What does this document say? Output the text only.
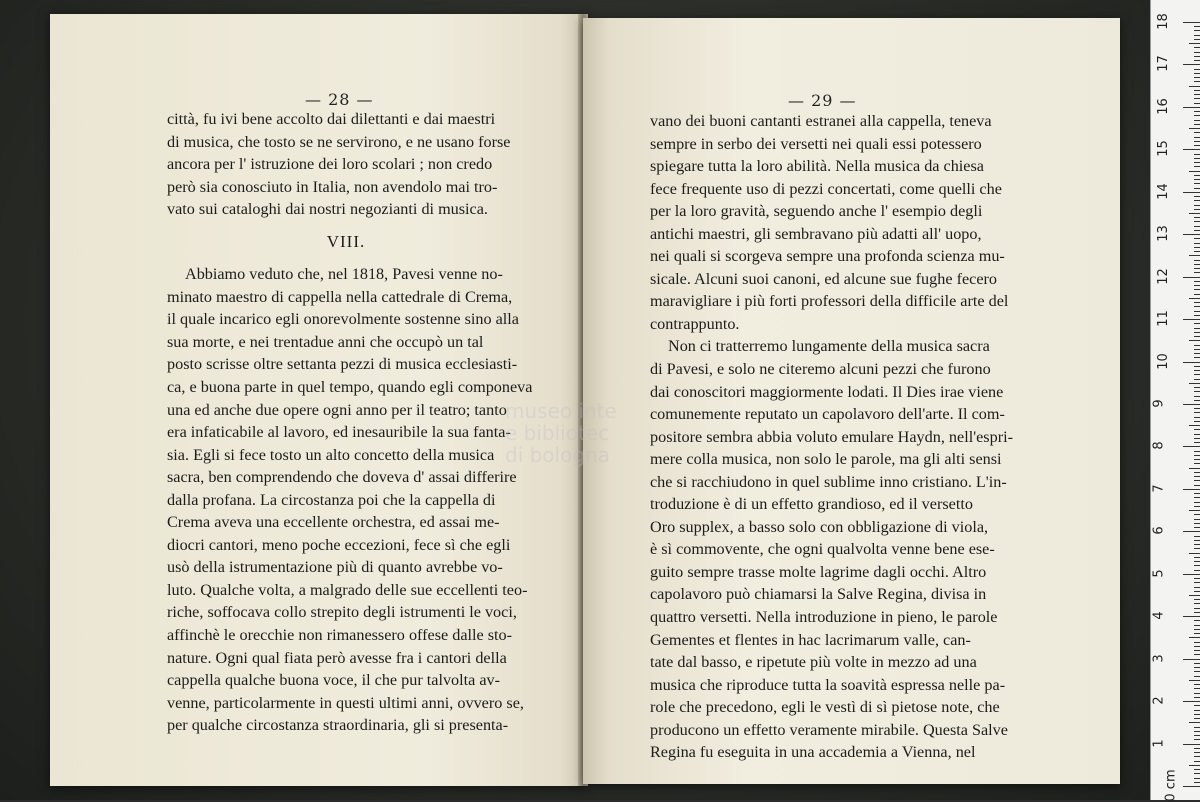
— 28 —
città, fu ivi bene accolto dai dilettanti e dai maestri
di musica, che tosto se ne servirono, e ne usano forse
ancora per l' istruzione dei loro scolari ; non credo
però sia conosciuto in Italia, non avendolo mai tro-
vato sui cataloghi dai nostri negozianti di musica.
VIII.
Abbiamo veduto che, nel 1818, Pavesi venne no-
minato maestro di cappella nella cattedrale di Crema,
il quale incarico egli onorevolmente sostenne sino alla
sua morte, e nei trentadue anni che occupò un tal
posto scrisse oltre settanta pezzi di musica ecclesiasti-
ca, e buona parte in quel tempo, quando egli componeva
una ed anche due opere ogni anno per il teatro; tanto
era infaticabile al lavoro, ed inesauribile la sua fanta-
sia. Egli si fece tosto un alto concetto della musica
sacra, ben comprendendo che doveva d' assai differire
dalla profana. La circostanza poi che la cappella di
Crema aveva una eccellente orchestra, ed assai me-
diocri cantori, meno poche eccezioni, fece sì che egli
usò della istrumentazione più di quanto avrebbe vo-
luto. Qualche volta, a malgrado delle sue eccellenti teo-
riche, soffocava collo strepito degli istrumenti le voci,
affinchè le orecchie non rimanessero offese dalle sto-
nature. Ogni qual fiata però avesse fra i cantori della
cappella qualche buona voce, il che pur talvolta av-
venne, particolarmente in questi ultimi anni, ovvero se,
per qualche circostanza straordinaria, gli si presenta-
— 29 —
vano dei buoni cantanti estranei alla cappella, teneva
sempre in serbo dei versetti nei quali essi potessero
spiegare tutta la loro abilità. Nella musica da chiesa
fece frequente uso di pezzi concertati, come quelli che
per la loro gravità, seguendo anche l' esempio degli
antichi maestri, gli sembravano più adatti all' uopo,
nei quali si scorgeva sempre una profonda scienza mu-
sicale. Alcuni suoi canoni, ed alcune sue fughe fecero
maravigliare i più forti professori della difficile arte del
contrappunto.
Non ci tratterremo lungamente della musica sacra
di Pavesi, e solo ne citeremo alcuni pezzi che furono
dai conoscitori maggiormente lodati. Il Dies irae viene
comunemente reputato un capolavoro dell'arte. Il com-
positore sembra abbia voluto emulare Haydn, nell'espri-
mere colla musica, non solo le parole, ma gli alti sensi
che si racchiudono in quel sublime inno cristiano. L'in-
troduzione è di un effetto grandioso, ed il versetto
Oro supplex, a basso solo con obbligazione di viola,
è sì commovente, che ogni qualvolta venne bene ese-
guito sempre trasse molte lagrime dagli occhi. Altro
capolavoro può chiamarsi la Salve Regina, divisa in
quattro versetti. Nella introduzione in pieno, le parole
Gementes et flentes in hac lacrimarum valle, can-
tate dal basso, e ripetute più volte in mezzo ad una
musica che riproduce tutta la soavità espressa nelle pa-
role che precedono, egli le vestì di sì pietose note, che
producono un effetto veramente mirabile. Questa Salve
Regina fu eseguita in una accademia a Vienna, nel
museo inte
e bibliotec
di bologna
18
17
16
15
14
13
12
11
10
9
8
7
6
5
4
3
2
1
0 cm
